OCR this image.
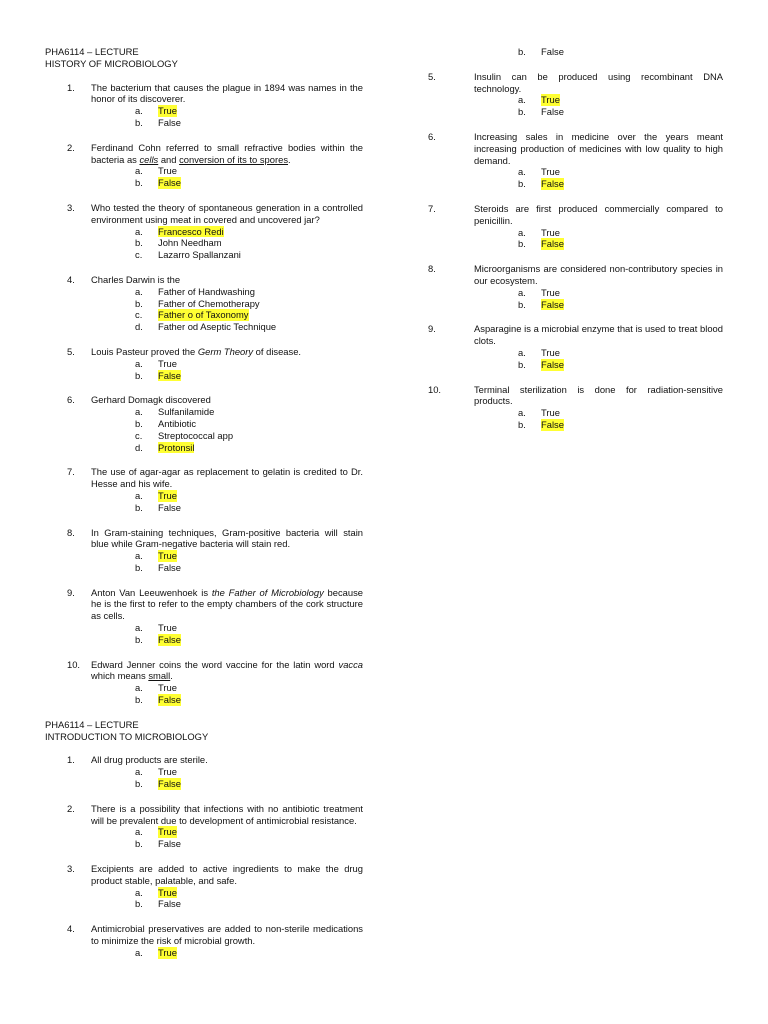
PHA6114 – LECTURE
HISTORY OF MICROBIOLOGY
1.	The bacterium that causes the plague in 1894 was names in the honor of its discoverer.
a.	True
b.	False
2.	Ferdinand Cohn referred to small refractive bodies within the bacteria as cells and conversion of its to spores.
a.	True
b.	False
3.	Who tested the theory of spontaneous generation in a controlled environment using meat in covered and uncovered jar?
a.	Francesco Redi
b.	John Needham
c.	Lazarro Spallanzani
4.	Charles Darwin is the
a.	Father of Handwashing
b.	Father of Chemotherapy
c.	Father o of Taxonomy
d.	Father od Aseptic Technique
5.	Louis Pasteur proved the Germ Theory of disease.
a.	True
b.	False
6.	Gerhard Domagk discovered
a.	Sulfanilamide
b.	Antibiotic
c.	Streptococcal app
d.	Protonsil
7.	The use of agar-agar as replacement to gelatin is credited to Dr. Hesse and his wife.
a.	True
b.	False
8.	In Gram-staining techniques, Gram-positive bacteria will stain blue while Gram-negative bacteria will stain red.
a.	True
b.	False
9.	Anton Van Leeuwenhoek is the Father of Microbiology because he is the first to refer to the empty chambers of the cork structure as cells.
a.	True
b.	False
10.	Edward Jenner coins the word vaccine for the latin word vacca which means small.
a.	True
b.	False
PHA6114 – LECTURE
INTRODUCTION TO MICROBIOLOGY
1.	All drug products are sterile.
a.	True
b.	False
2.	There is a possibility that infections with no antibiotic treatment will be prevalent due to development of antimicrobial resistance.
a.	True
b.	False
3.	Excipients are added to active ingredients to make the drug product stable, palatable, and safe.
a.	True
b.	False
4.	Antimicrobial preservatives are added to non-sterile medications to minimize the risk of microbial growth.
a.	True
b.	False
5.	Insulin can be produced using recombinant DNA technology.
a.	True
b.	False
6.	Increasing sales in medicine over the years meant increasing production of medicines with low quality to high demand.
a.	True
b.	False
7.	Steroids are first produced commercially compared to penicillin.
a.	True
b.	False
8.	Microorganisms are considered non-contributory species in our ecosystem.
a.	True
b.	False
9.	Asparagine is a microbial enzyme that is used to treat blood clots.
a.	True
b.	False
10.	Terminal sterilization is done for radiation-sensitive products.
a.	True
b.	False
